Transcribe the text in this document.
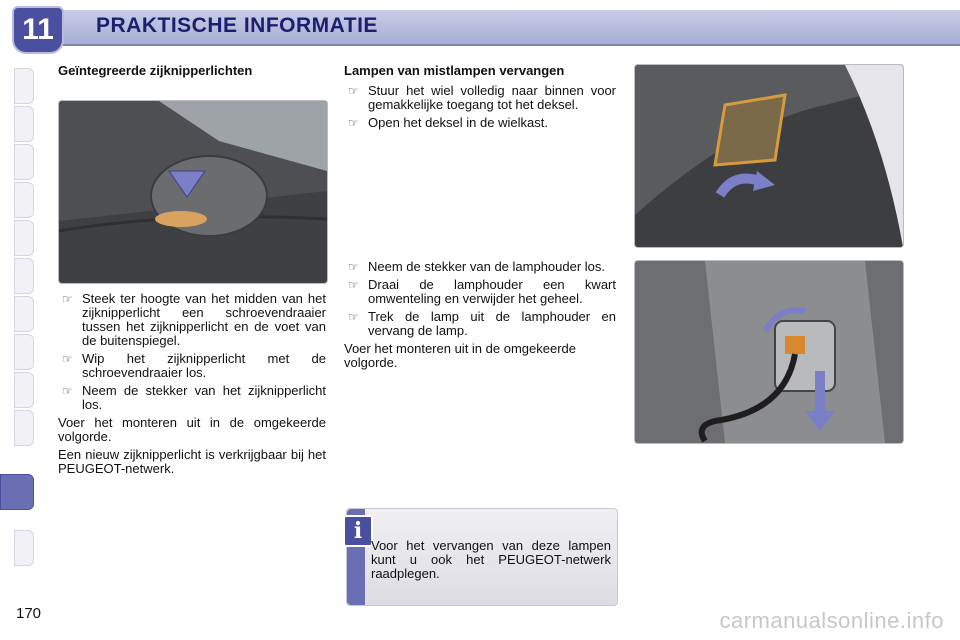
11	PRAKTISCHE INFORMATIE
Geïntegreerde zijknipperlichten
☞ Steek ter hoogte van het midden van het zijknipperlicht een schroevendraaier tussen het zijknipperlicht en de voet van de buitenspiegel.
☞ Wip het zijknipperlicht met de schroevendraaier los.
☞ Neem de stekker van het zijknipperlicht los.

Voer het monteren uit in de omgekeerde volgorde.

Een nieuw zijknipperlicht is verkrijgbaar bij het PEUGEOT-netwerk.

Lampen van mistlampen vervangen
☞ Stuur het wiel volledig naar binnen voor gemakkelijke toegang tot het deksel.
☞ Open het deksel in de wielkast.
☞ Neem de stekker van de lamphouder los.
☞ Draai de lamphouder een kwart omwenteling en verwijder het geheel.
☞ Trek de lamp uit de lamphouder en vervang de lamp.

Voer het monteren uit in de omgekeerde volgorde.

i
Voor het vervangen van deze lampen kunt u ook het PEUGEOT-netwerk raadplegen.
170	carmanualsonline.info
